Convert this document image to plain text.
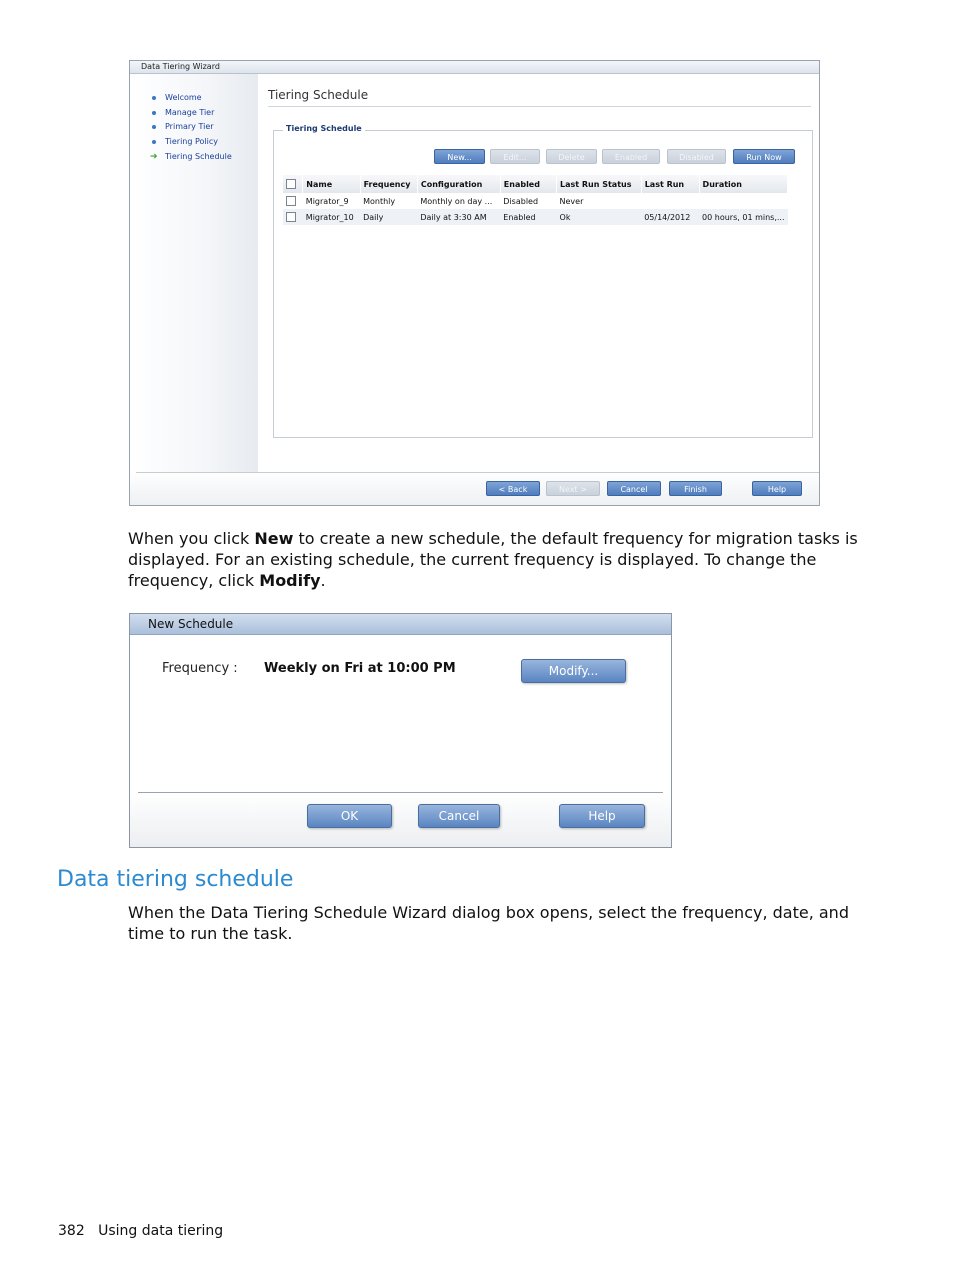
Data Tiering Wizard
Welcome
Manage Tier
Primary Tier
Tiering Policy
➔ Tiering Schedule
Tiering Schedule
Tiering Schedule
New...	Edit...	Delete	Enabled	Disabled	Run Now
	Name	Frequency	Configuration	Enabled	Last Run Status	Last Run	Duration
	Migrator_9	Monthly	Monthly on day ...	Disabled	Never		
	Migrator_10	Daily	Daily at 3:30 AM	Enabled	Ok	05/14/2012	00 hours, 01 mins,...
< Back	Next >	Cancel	Finish	Help
When you click New to create a new schedule, the default frequency for migration tasks is displayed. For an existing schedule, the current frequency is displayed. To change the frequency, click Modify.
New Schedule
Frequency : Weekly on Fri at 10:00 PM	Modify...
OK	Cancel	Help
Data tiering schedule
When the Data Tiering Schedule Wizard dialog box opens, select the frequency, date, and time to run the task.
382 Using data tiering
